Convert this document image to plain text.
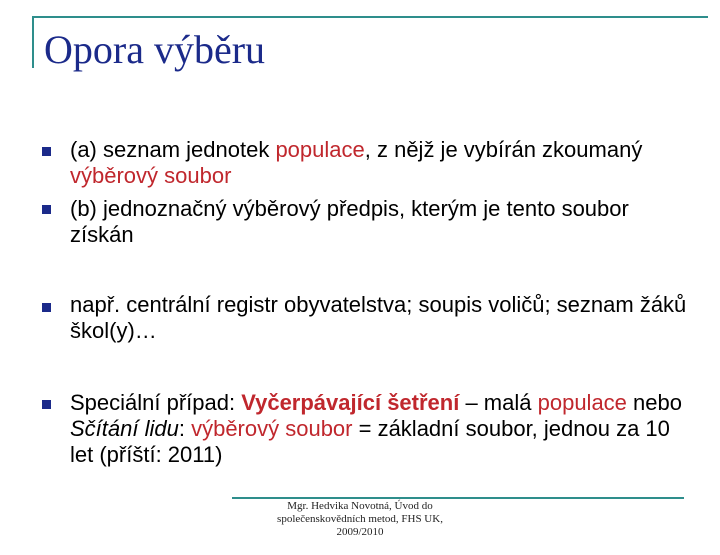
Opora výběru
(a) seznam jednotek populace, z nějž je vybírán zkoumaný výběrový soubor
(b) jednoznačný výběrový předpis, kterým je tento soubor získán
např. centrální registr obyvatelstva; soupis voličů; seznam žáků škol(y)…
Speciální případ: Vyčerpávající šetření – malá populace nebo Sčítání lidu: výběrový soubor = základní soubor, jednou za 10 let (příští: 2011)
Mgr. Hedvika Novotná, Úvod do společenskovědních metod, FHS UK, 2009/2010
